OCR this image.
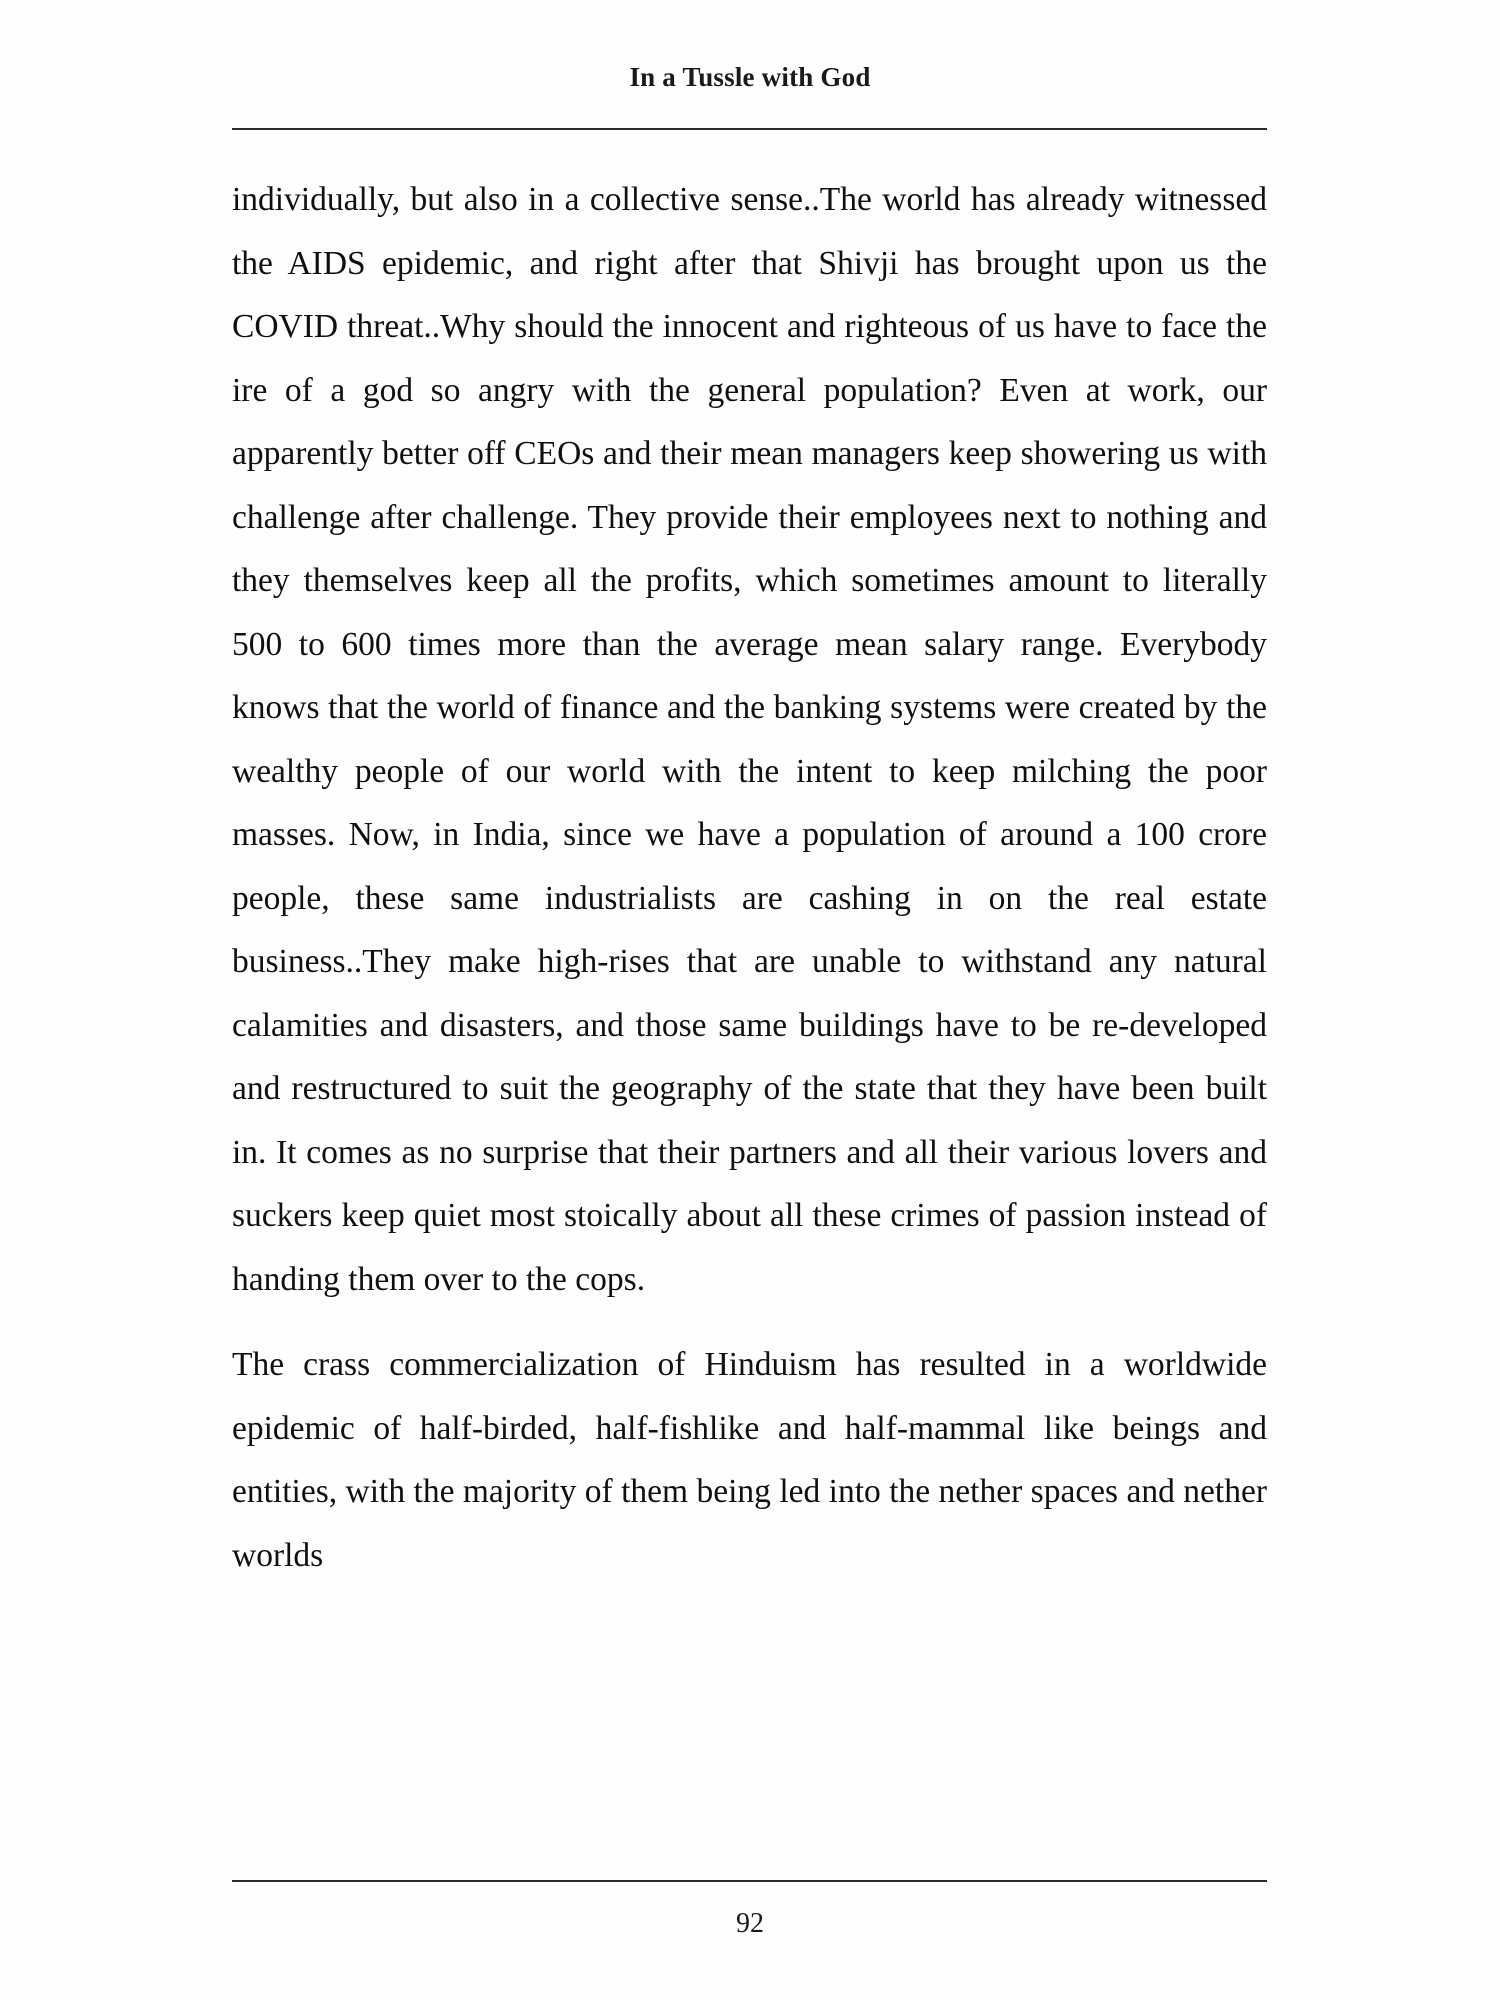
In a Tussle with God

individually, but also in a collective sense..The world has already witnessed the AIDS epidemic, and right after that Shivji has brought upon us the COVID threat..Why should the innocent and righteous of us have to face the ire of a god so angry with the general population? Even at work, our apparently better off CEOs and their mean managers keep showering us with challenge after challenge. They provide their employees next to nothing and they themselves keep all the profits, which sometimes amount to literally 500 to 600 times more than the average mean salary range. Everybody knows that the world of finance and the banking systems were created by the wealthy people of our world with the intent to keep milching the poor masses. Now, in India, since we have a population of around a 100 crore people, these same industrialists are cashing in on the real estate business..They make high-rises that are unable to withstand any natural calamities and disasters, and those same buildings have to be re-developed and restructured to suit the geography of the state that they have been built in. It comes as no surprise that their partners and all their various lovers and suckers keep quiet most stoically about all these crimes of passion instead of handing them over to the cops.

The crass commercialization of Hinduism has resulted in a worldwide epidemic of half-birded, half-fishlike and half-mammal like beings and entities, with the majority of them being led into the nether spaces and nether worlds

92
